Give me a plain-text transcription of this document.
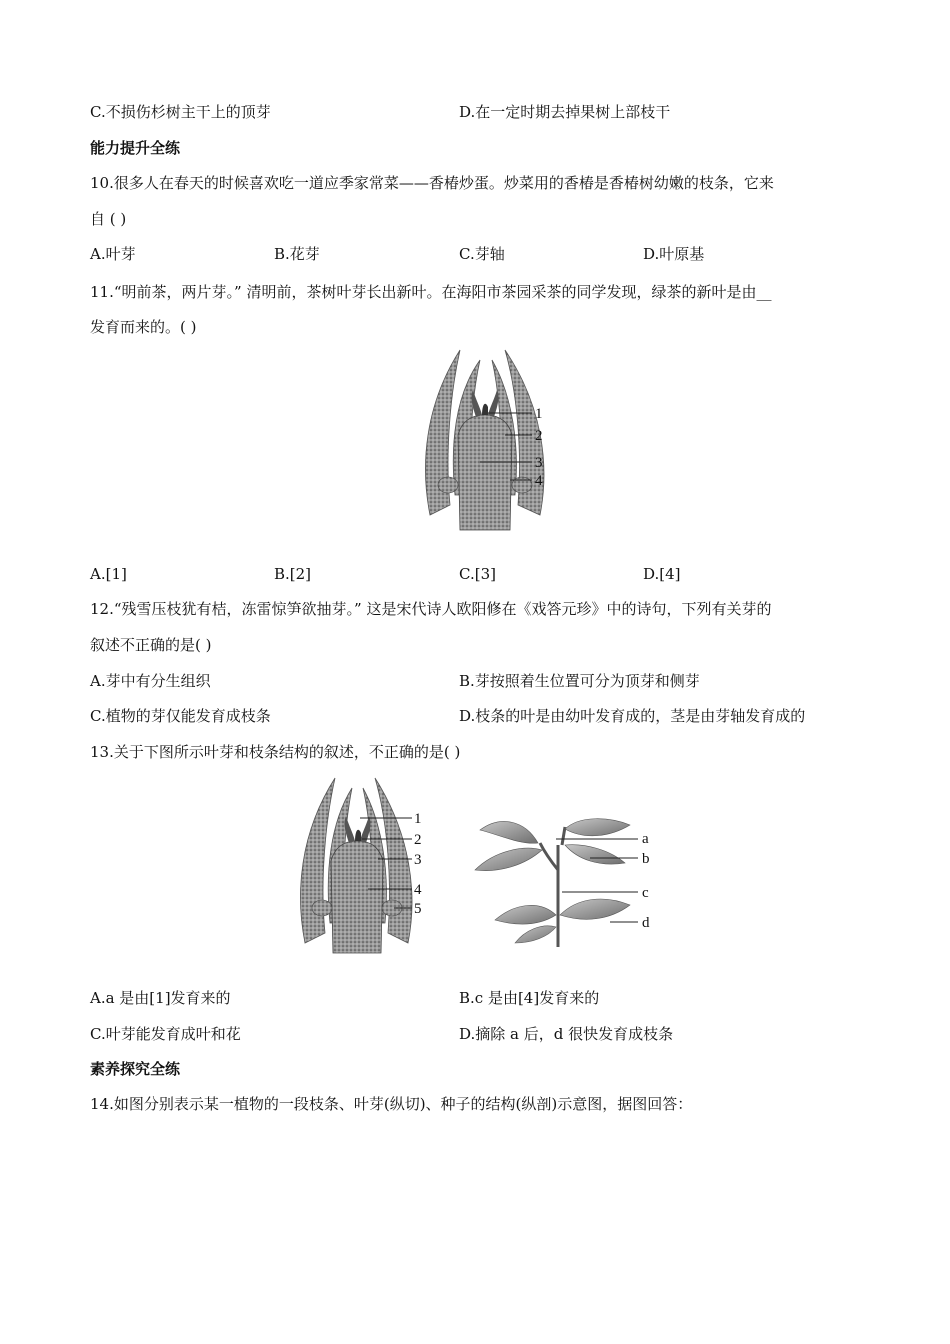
C.不损伤杉树主干上的顶芽	D.在一定时期去掉果树上部枝干
能力提升全练
10.很多人在春天的时候喜欢吃一道应季家常菜——香椿炒蛋。炒菜用的香椿是香椿树幼嫩的枝条，它来
自 ( )
A.叶芽	B.花芽	C.芽轴	D.叶原基
11.“明前茶，两片芽。” 清明前，茶树叶芽长出新叶。在海阳市茶园采茶的同学发现，绿茶的新叶是由__
发育而来的。( )
1
2
3
4
A.[1]	B.[2]	C.[3]	D.[4]
12.“残雪压枝犹有桔，冻雷惊笋欲抽芽。” 这是宋代诗人欧阳修在《戏答元珍》中的诗句，下列有关芽的
叙述不正确的是( )
A.芽中有分生组织	B.芽按照着生位置可分为顶芽和侧芽
C.植物的芽仅能发育成枝条	D.枝条的叶是由幼叶发育成的，茎是由芽轴发育成的
13.关于下图所示叶芽和枝条结构的叙述，不正确的是( )
1
2
3
4
5
a
b
c
d
A.a 是由[1]发育来的	B.c 是由[4]发育来的
C.叶芽能发育成叶和花	D.摘除 a 后，d 很快发育成枝条
素养探究全练
14.如图分别表示某一植物的一段枝条、叶芽(纵切)、种子的结构(纵剖)示意图，据图回答：
